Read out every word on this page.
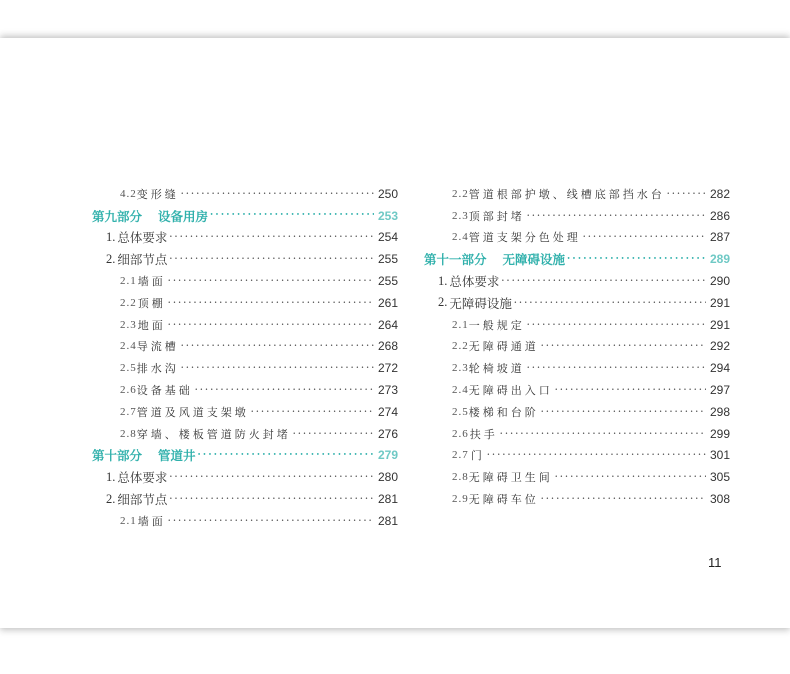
4.2 变形缝 •••••	250
第九部分 设备用房 •••••	253
1. 总体要求 •••••	254
2. 细部节点 •••••	255
2.1 墙面 •••••	255
2.2 顶棚 •••••	261
2.3 地面 •••••	264
2.4 导流槽 •••••	268
2.5 排水沟 •••••	272
2.6 设备基础 •••••	273
2.7 管道及风道支架墩 •••••	274
2.8 穿墙、楼板管道防火封堵 •••••	276
第十部分 管道井 •••••	279
1. 总体要求 •••••	280
2. 细部节点 •••••	281
2.1 墙面 •••••	281
2.2 管道根部护墩、线槽底部挡水台 •••••	282
2.3 顶部封堵 •••••	286
2.4 管道支架分色处理 •••••	287
第十一部分 无障碍设施 •••••	289
1. 总体要求 •••••	290
2. 无障碍设施 •••••	291
2.1 一般规定 •••••	291
2.2 无障碍通道 •••••	292
2.3 轮椅坡道 •••••	294
2.4 无障碍出入口 •••••	297
2.5 楼梯和台阶 •••••	298
2.6 扶手 •••••	299
2.7 门 •••••	301
2.8 无障碍卫生间 •••••	305
2.9 无障碍车位 •••••	308
11
